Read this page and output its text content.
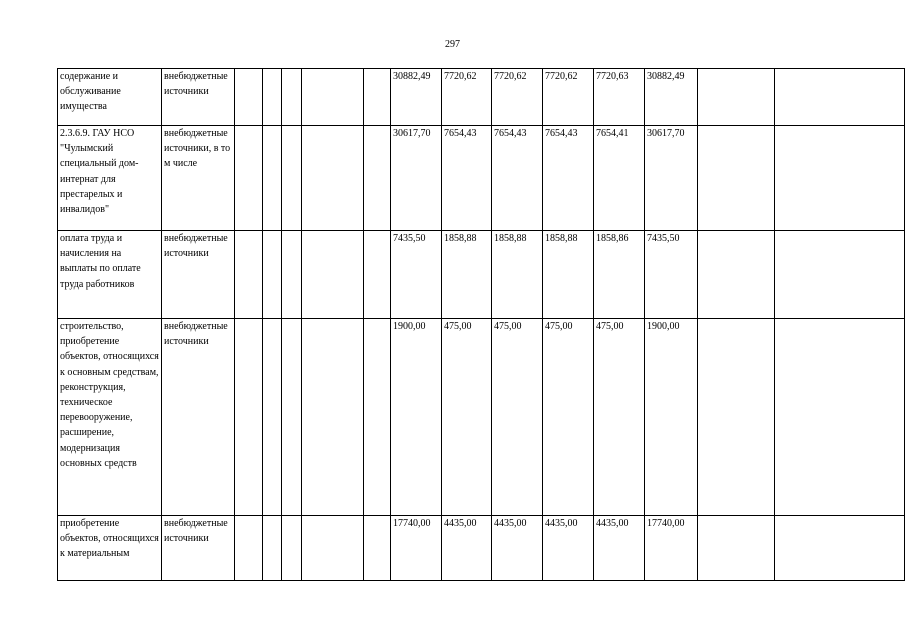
297
содержание и обслуживание имущества	внебюджетные источники						30882,49	7720,62	7720,62	7720,62	7720,63	30882,49		
2.3.6.9. ГАУ НСО "Чулымский специальный дом-интернат для престарелых и инвалидов"	внебюджетные источники, в том числе						30617,70	7654,43	7654,43	7654,43	7654,41	30617,70		
оплата труда и начисления на выплаты по оплате труда работников	внебюджетные источники						7435,50	1858,88	1858,88	1858,88	1858,86	7435,50		
строительство, приобретение объектов, относящихся к основным средствам, реконструкция, техническое перевооружение, расширение, модернизация основных средств	внебюджетные источники						1900,00	475,00	475,00	475,00	475,00	1900,00		
приобретение объектов, относящихся к материальным	внебюджетные источники						17740,00	4435,00	4435,00	4435,00	4435,00	17740,00		
